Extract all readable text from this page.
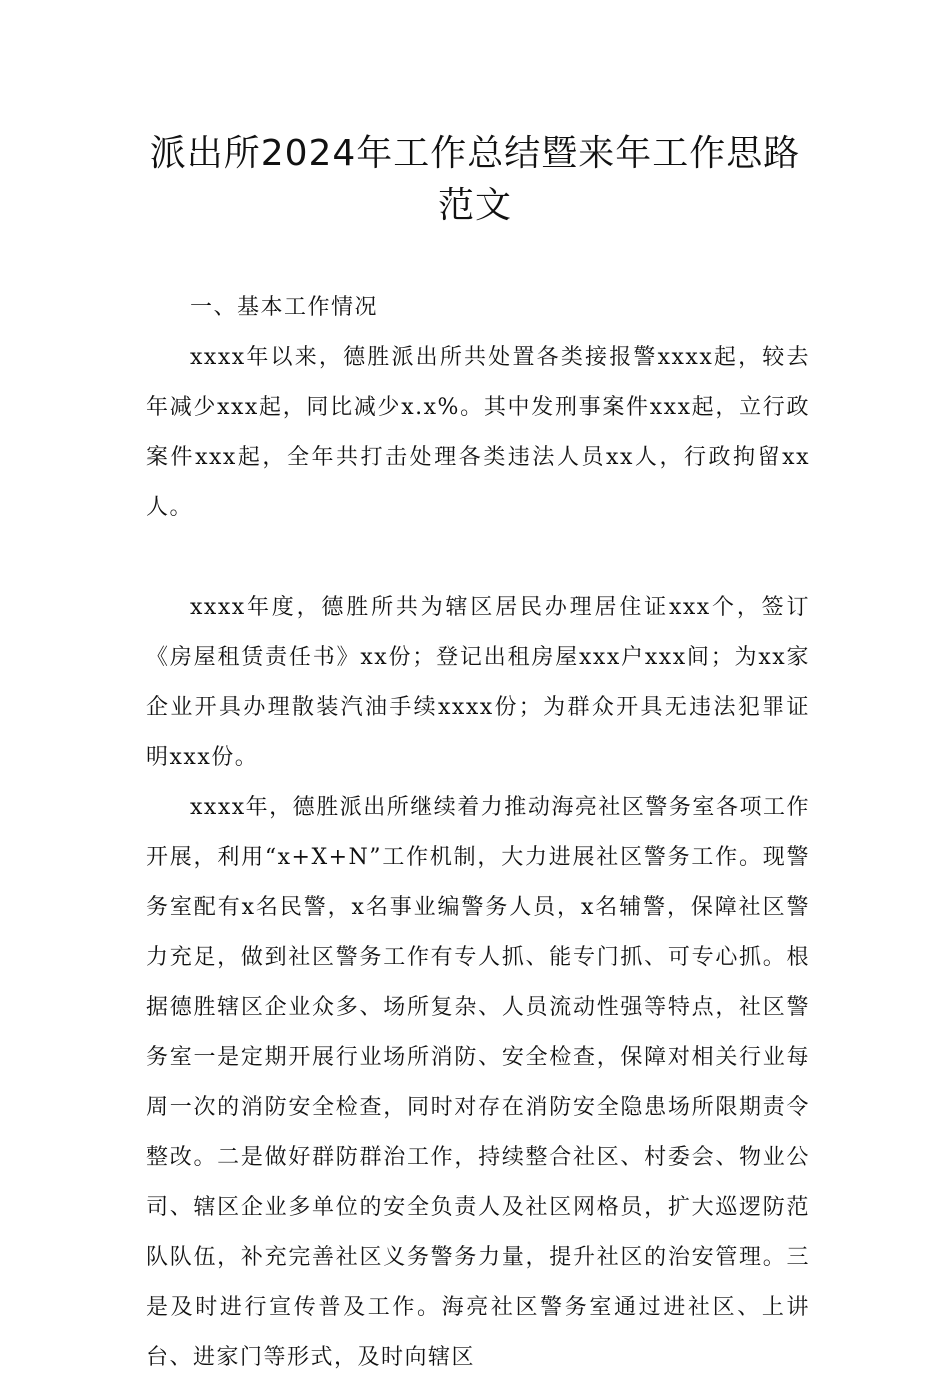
派出所2024年工作总结暨来年工作思路范文

一、基本工作情况

xxxx年以来，德胜派出所共处置各类接报警xxxx起，较去年减少xxx起，同比减少x.x%。其中发刑事案件xxx起，立行政案件xxx起，全年共打击处理各类违法人员xx人，行政拘留xx人。

xxxx年度，德胜所共为辖区居民办理居住证xxx个，签订《房屋租赁责任书》xx份；登记出租房屋xxx户xxx间；为xx家企业开具办理散装汽油手续xxxx份；为群众开具无违法犯罪证明xxx份。

xxxx年，德胜派出所继续着力推动海亮社区警务室各项工作开展，利用“x+X+N”工作机制，大力进展社区警务工作。现警务室配有x名民警，x名事业编警务人员，x名辅警，保障社区警力充足，做到社区警务工作有专人抓、能专门抓、可专心抓。根据德胜辖区企业众多、场所复杂、人员流动性强等特点，社区警务室一是定期开展行业场所消防、安全检查，保障对相关行业每周一次的消防安全检查，同时对存在消防安全隐患场所限期责令整改。二是做好群防群治工作，持续整合社区、村委会、物业公司、辖区企业多单位的安全负责人及社区网格员，扩大巡逻防范队队伍，补充完善社区义务警务力量，提升社区的治安管理。三是及时进行宣传普及工作。海亮社区警务室通过进社区、上讲台、进家门等形式，及时向辖区
